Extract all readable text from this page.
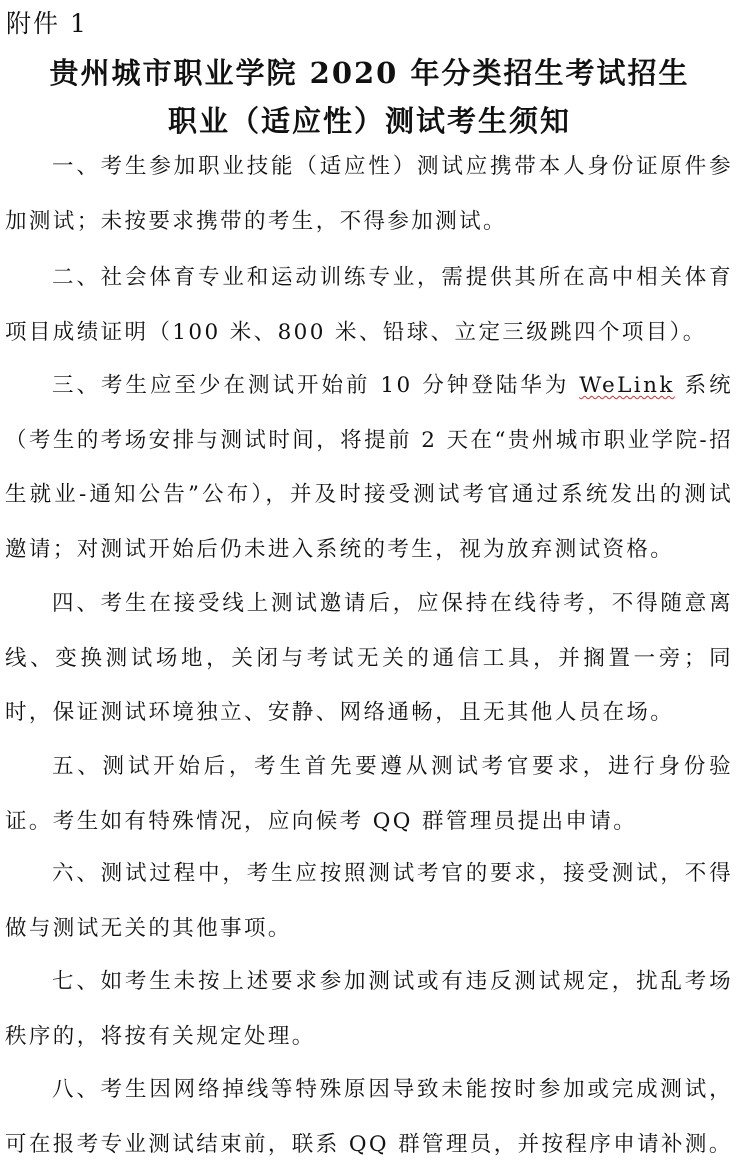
附件 1
贵州城市职业学院 2020 年分类招生考试招生
职业（适应性）测试考生须知

一、考生参加职业技能（适应性）测试应携带本人身份证原件参加测试；未按要求携带的考生，不得参加测试。

二、社会体育专业和运动训练专业，需提供其所在高中相关体育项目成绩证明（100 米、800 米、铅球、立定三级跳四个项目）。

三、考生应至少在测试开始前 10 分钟登陆华为 WeLink 系统（考生的考场安排与测试时间，将提前 2 天在“贵州城市职业学院-招生就业-通知公告”公布），并及时接受测试考官通过系统发出的测试邀请；对测试开始后仍未进入系统的考生，视为放弃测试资格。

四、考生在接受线上测试邀请后，应保持在线待考，不得随意离线、变换测试场地，关闭与考试无关的通信工具，并搁置一旁；同时，保证测试环境独立、安静、网络通畅，且无其他人员在场。

五、测试开始后，考生首先要遵从测试考官要求，进行身份验证。考生如有特殊情况，应向候考 QQ 群管理员提出申请。

六、测试过程中，考生应按照测试考官的要求，接受测试，不得做与测试无关的其他事项。

七、如考生未按上述要求参加测试或有违反测试规定，扰乱考场秩序的，将按有关规定处理。

八、考生因网络掉线等特殊原因导致未能按时参加或完成测试，可在报考专业测试结束前，联系 QQ 群管理员，并按程序申请补测。
